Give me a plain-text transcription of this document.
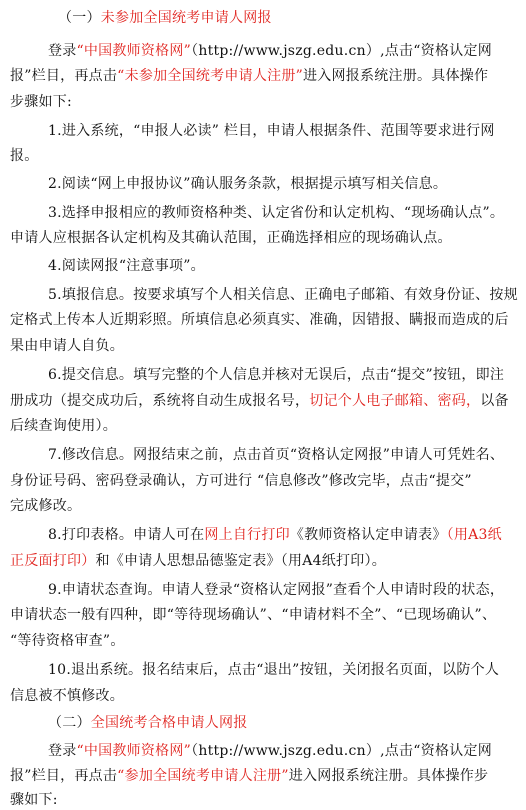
（一）未参加全国统考申请人网报
登录“中国教师资格网”（http://www.jszg.edu.cn）,点击“资格认定网
报”栏目，再点击“未参加全国统考申请人注册”进入网报系统注册。具体操作
步骤如下:
1.进入系统，“申报人必读” 栏目，申请人根据条件、范围等要求进行网
报。
2.阅读“网上申报协议”确认服务条款，根据提示填写相关信息。
3.选择申报相应的教师资格种类、认定省份和认定机构、“现场确认点”。
申请人应根据各认定机构及其确认范围，正确选择相应的现场确认点。
4.阅读网报“注意事项”。
5.填报信息。按要求填写个人相关信息、正确电子邮箱、有效身份证、按规
定格式上传本人近期彩照。所填信息必须真实、准确，因错报、瞒报而造成的后
果由申请人自负。
6.提交信息。填写完整的个人信息并核对无误后，点击“提交”按钮，即注
册成功（提交成功后，系统将自动生成报名号，切记个人电子邮箱、密码，以备
后续查询使用）。
7.修改信息。网报结束之前，点击首页“资格认定网报”申请人可凭姓名、
身份证号码、密码登录确认，方可进行 “信息修改”修改完毕，点击“提交”
完成修改。
8.打印表格。申请人可在网上自行打印《教师资格认定申请表》（用A3纸
正反面打印）和《申请人思想品德鉴定表》（用A4纸打印）。
9.申请状态查询。申请人登录“资格认定网报”查看个人申请时段的状态，
申请状态一般有四种，即“等待现场确认”、“申请材料不全”、“已现场确认”、
“等待资格审查”。
10.退出系统。报名结束后，点击“退出”按钮，关闭报名页面，以防个人
信息被不慎修改。
（二）全国统考合格申请人网报
登录“中国教师资格网”（http://www.jszg.edu.cn）,点击“资格认定网
报”栏目，再点击“参加全国统考申请人注册”进入网报系统注册。具体操作步
骤如下:
